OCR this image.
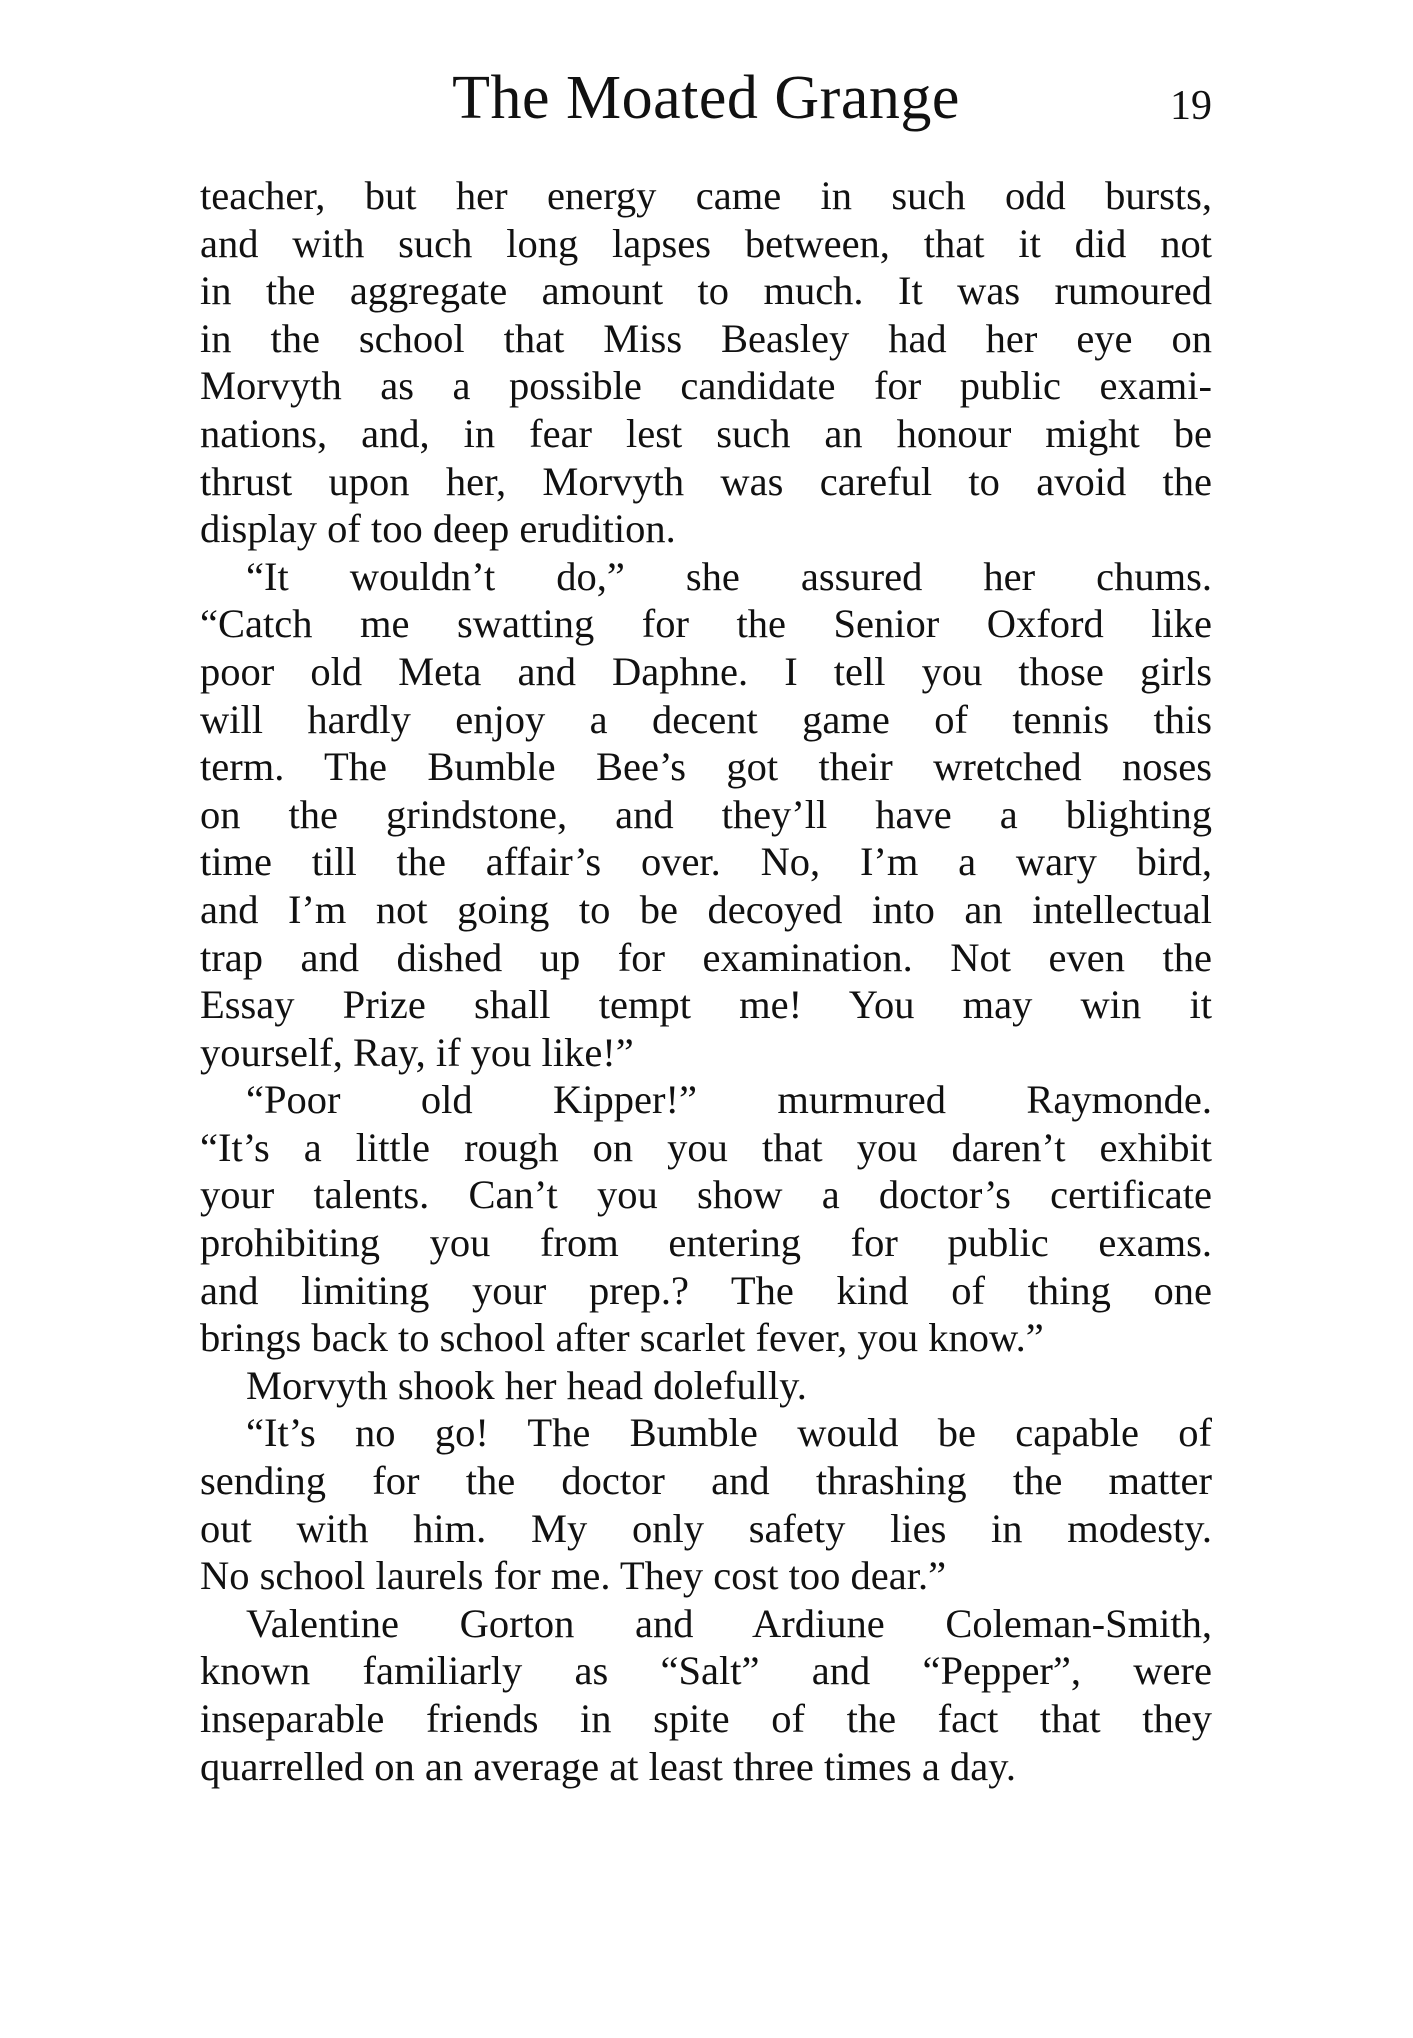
The Moated Grange	19
teacher, but her energy came in such odd bursts,
and with such long lapses between, that it did not
in the aggregate amount to much. It was rumoured
in the school that Miss Beasley had her eye on
Morvyth as a possible candidate for public exami-
nations, and, in fear lest such an honour might be
thrust upon her, Morvyth was careful to avoid the
display of too deep erudition.
“It wouldn’t do,” she assured her chums.
“Catch me swatting for the Senior Oxford like
poor old Meta and Daphne. I tell you those girls
will hardly enjoy a decent game of tennis this
term. The Bumble Bee’s got their wretched noses
on the grindstone, and they’ll have a blighting
time till the affair’s over. No, I’m a wary bird,
and I’m not going to be decoyed into an intellectual
trap and dished up for examination. Not even the
Essay Prize shall tempt me! You may win it
yourself, Ray, if you like!”
“Poor old Kipper!” murmured Raymonde.
“It’s a little rough on you that you daren’t exhibit
your talents. Can’t you show a doctor’s certificate
prohibiting you from entering for public exams.
and limiting your prep.? The kind of thing one
brings back to school after scarlet fever, you know.”
Morvyth shook her head dolefully.
“It’s no go! The Bumble would be capable of
sending for the doctor and thrashing the matter
out with him. My only safety lies in modesty.
No school laurels for me. They cost too dear.”
Valentine Gorton and Ardiune Coleman-Smith,
known familiarly as “Salt” and “Pepper”, were
inseparable friends in spite of the fact that they
quarrelled on an average at least three times a day.
